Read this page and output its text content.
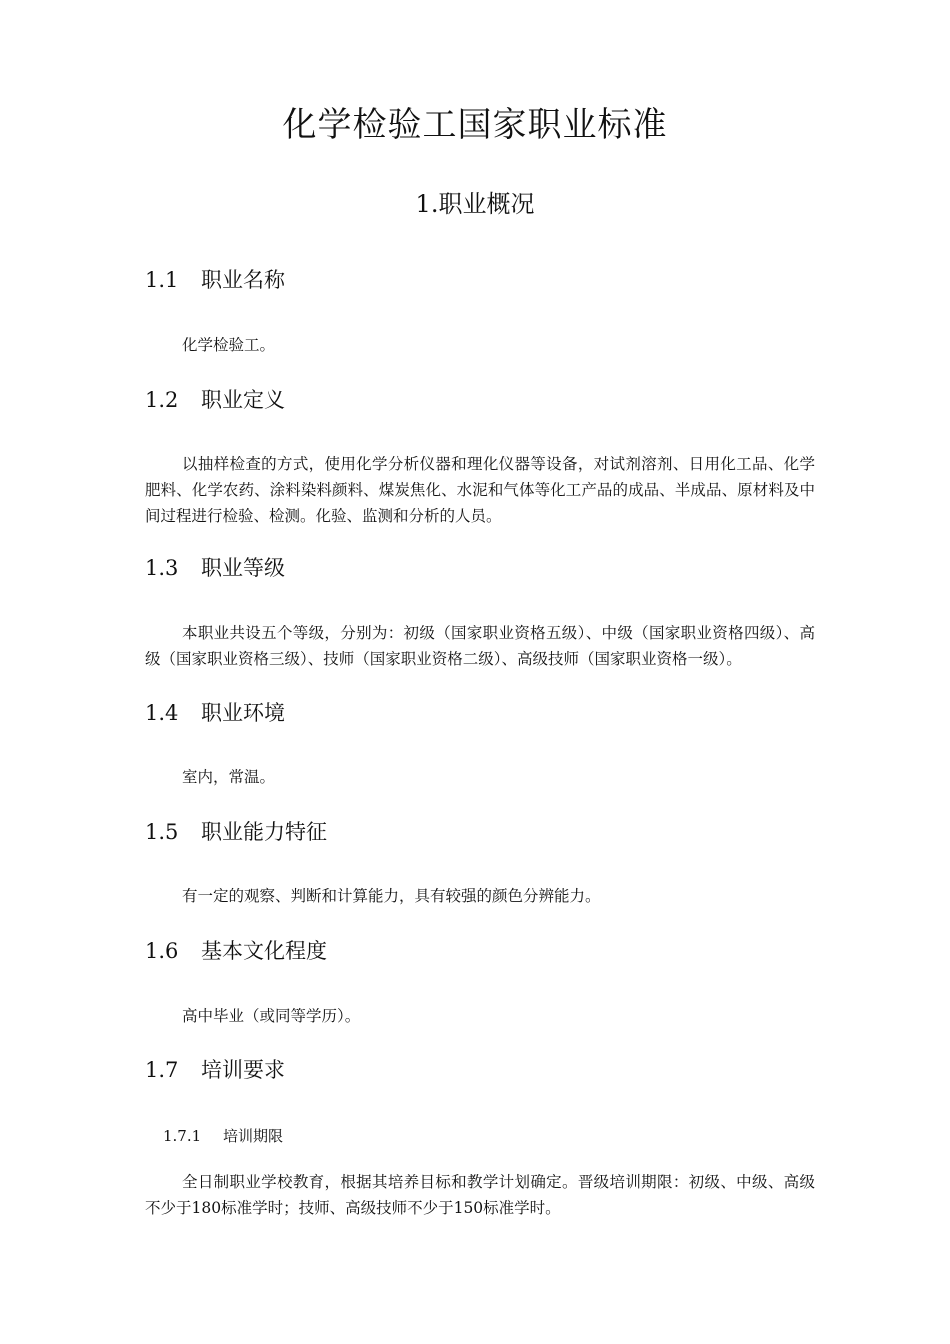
化学检验工国家职业标准
1.职业概况
1.1 职业名称
化学检验工。
1.2 职业定义
以抽样检查的方式，使用化学分析仪器和理化仪器等设备，对试剂溶剂、日用化工品、化学肥料、化学农药、涂料染料颜料、煤炭焦化、水泥和气体等化工产品的成品、半成品、原材料及中间过程进行检验、检测。化验、监测和分析的人员。
1.3 职业等级
本职业共设五个等级，分别为：初级（国家职业资格五级）、中级（国家职业资格四级）、高级（国家职业资格三级）、技师（国家职业资格二级）、高级技师（国家职业资格一级）。
1.4 职业环境
室内，常温。
1.5 职业能力特征
有一定的观察、判断和计算能力，具有较强的颜色分辨能力。
1.6 基本文化程度
高中毕业（或同等学历）。
1.7 培训要求
1.7.1 培训期限
全日制职业学校教育，根据其培养目标和教学计划确定。晋级培训期限：初级、中级、高级不少于180标准学时；技师、高级技师不少于150标准学时。
